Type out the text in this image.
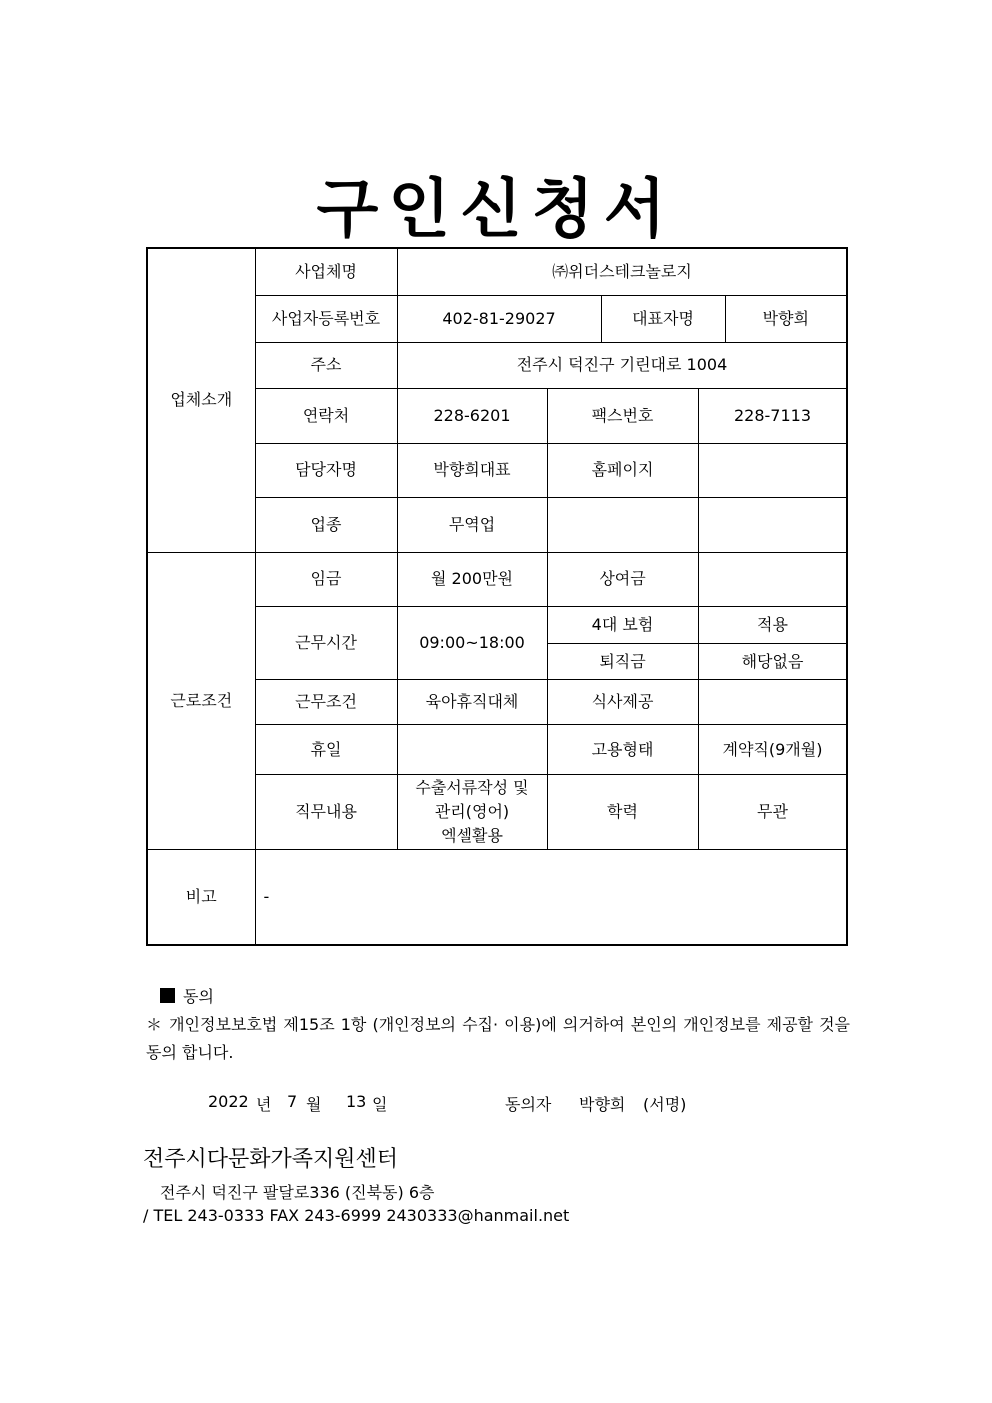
구인신청서
업체소개	사업체명	㈜위더스테크놀로지		
	사업자등록번호	402-81-29027 대표자명 박향희		

	주소	전주시 덕진구 기린대로 1004		
	연락처	228-6201	팩스번호	228-7113
	담당자명	박향희대표	홈페이지	
	업종	무역업		
근로조건	임금	월 200만원	상여금	
	근무시간	09:00~18:00	4대 보험	적용
			퇴직금	해당없음
	근무조건	육아휴직대체	식사제공	
	휴일		고용형태	계약직(9개월)
	직무내용	수출서류작성 및
관리(영어)
엑셀활용	학력	무관
비고	-			
동의
＊ 개인정보보호법 제15조 1항 (개인정보의 수집· 이용)에 의거하여 본인의 개인정보를 제공할 것을 동의 합니다.
2022 년 7 월 13 일	동의자 박향희 (서명)
전주시다문화가족지원센터
전주시 덕진구 팔달로336 (진북동) 6층
/ TEL 243-0333 FAX 243-6999 2430333@hanmail.net
